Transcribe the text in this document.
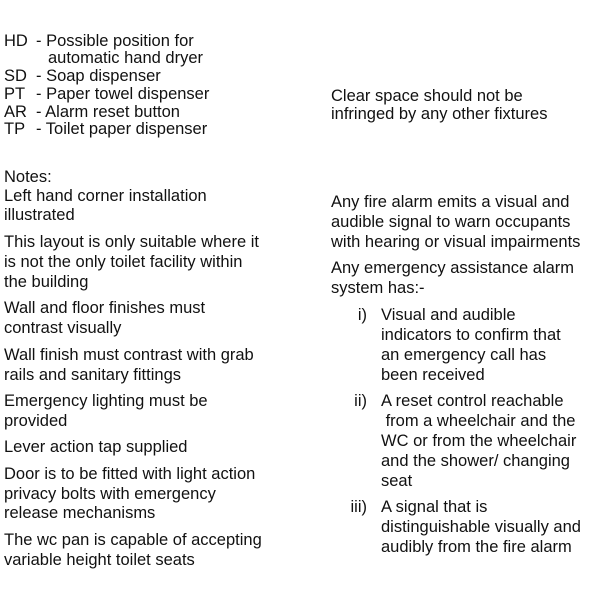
HD - Possible position for
automatic hand dryer
SD - Soap dispenser
PT - Paper towel dispenser
AR - Alarm reset button
TP - Toilet paper dispenser
Clear space should not be
infringed by any other fixtures
Notes:
Left hand corner installation
illustrated
This layout is only suitable where it
is not the only toilet facility within
the building
Wall and floor finishes must
contrast visually
Wall finish must contrast with grab
rails and sanitary fittings
Emergency lighting must be
provided
Lever action tap supplied
Door is to be fitted with light action
privacy bolts with emergency
release mechanisms
The wc pan is capable of accepting
variable height toilet seats
Any fire alarm emits a visual and
audible signal to warn occupants
with hearing or visual impairments
Any emergency assistance alarm
system has:-
i) Visual and audible
indicators to confirm that
an emergency call has
been received
ii) A reset control reachable
from a wheelchair and the
WC or from the wheelchair
and the shower/ changing
seat
iii) A signal that is
distinguishable visually and
audibly from the fire alarm
